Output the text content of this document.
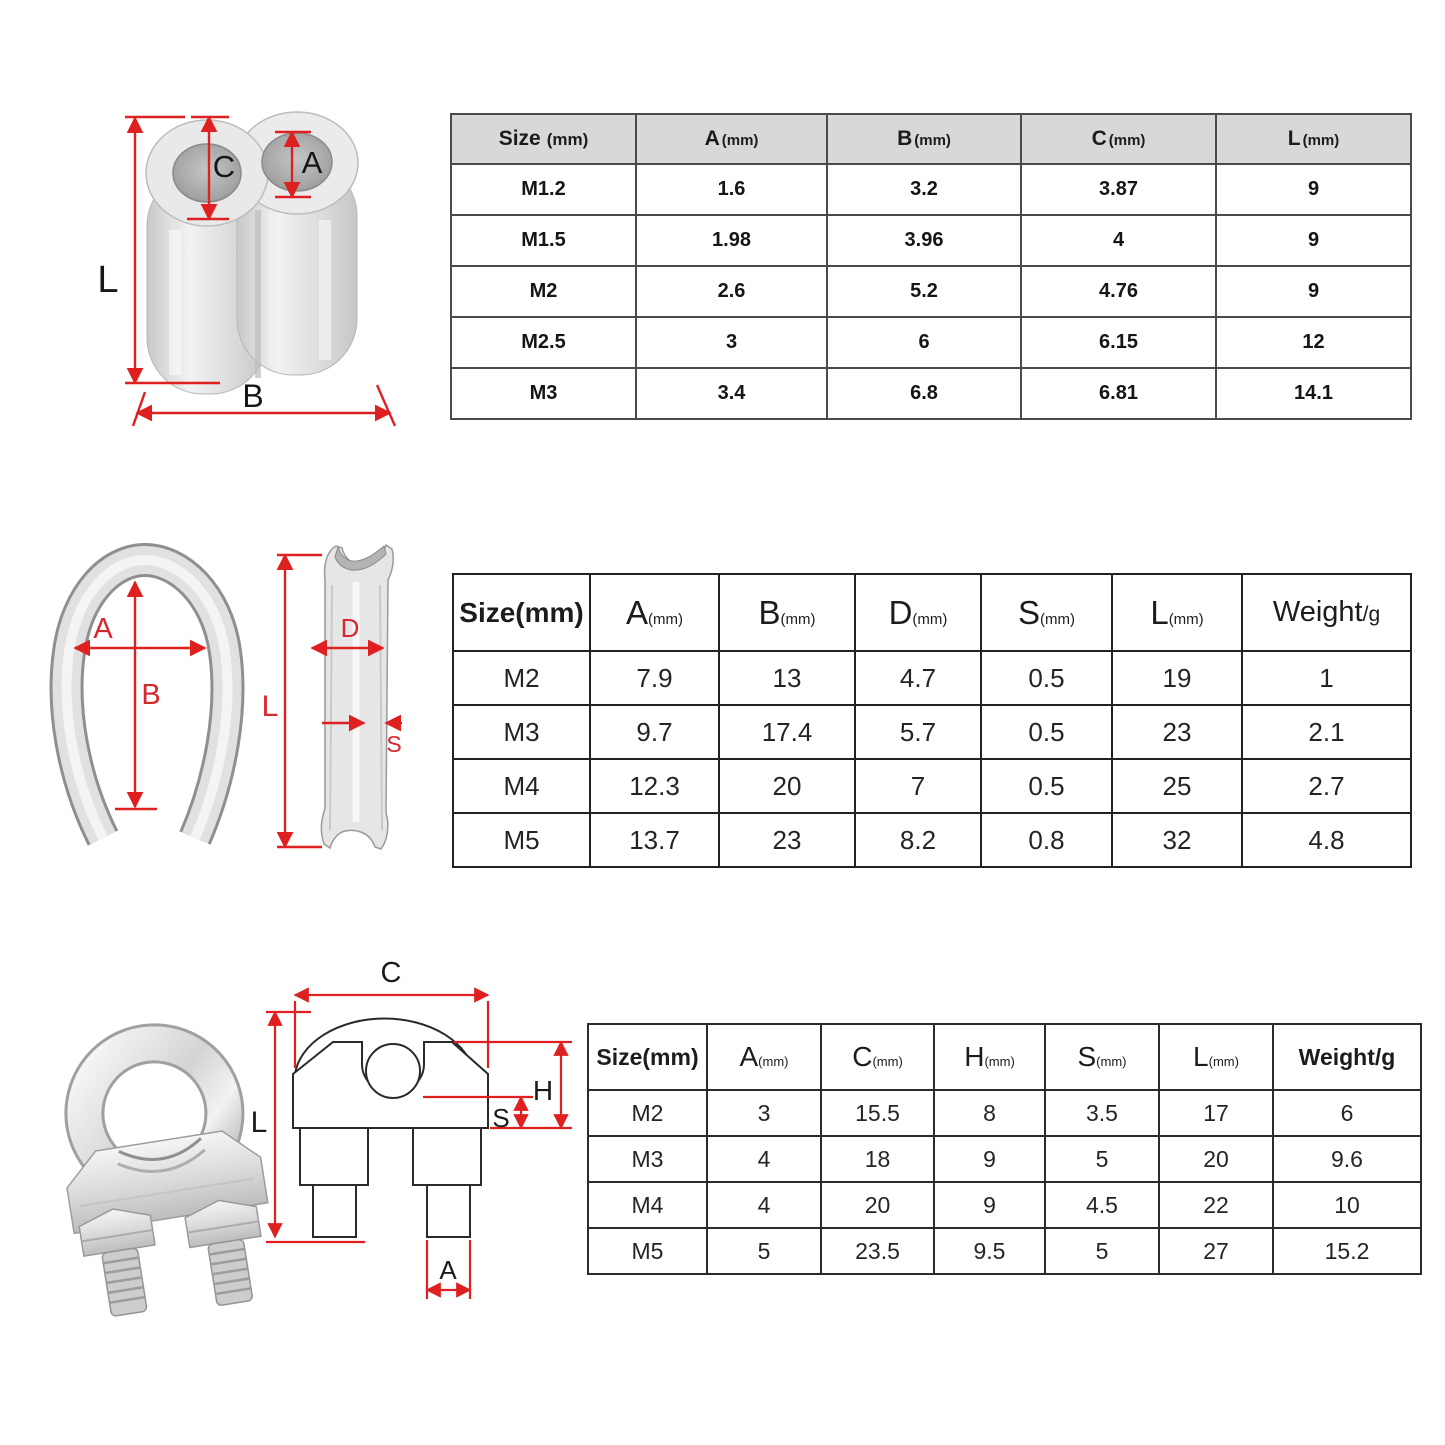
L
C A
B
Size (mm)	A (mm)	B (mm)	C (mm)	L (mm)
M1.2	1.6	3.2	3.87	9
M1.5	1.98	3.96	4	9
M2	2.6	5.2	4.76	9
M2.5	3	6	6.15	12
M3	3.4	6.8	6.81	14.1
A
B	L
D
S
Size(mm)	A(mm)	B(mm)	D(mm)	S(mm)	L(mm)	Weight/g
M2	7.9	13	4.7	0.5	19	1
M3	9.7	17.4	5.7	0.5	23	2.1
M4	12.3	20	7	0.5	25	2.7
M5	13.7	23	8.2	0.8	32	4.8
C
L
H
S
A
Size(mm)	A(mm)	C(mm)	H(mm)	S(mm)	L(mm)	Weight/g
M2	3	15.5	8	3.5	17	6
M3	4	18	9	5	20	9.6
M4	4	20	9	4.5	22	10
M5	5	23.5	9.5	5	27	15.2
